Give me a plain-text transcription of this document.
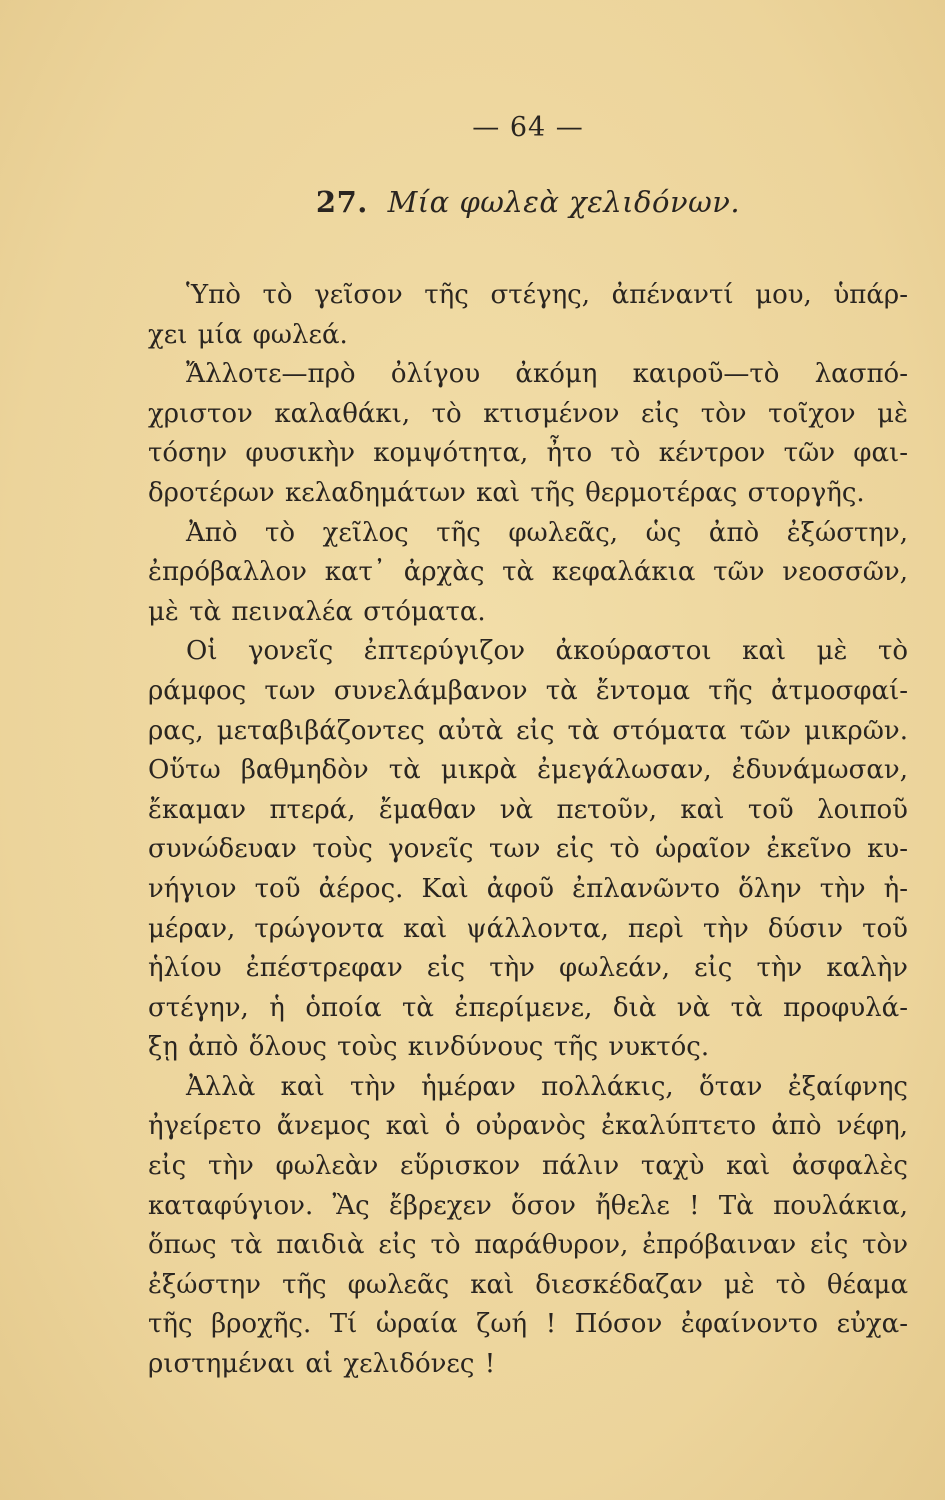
— 64 —
27. Μία φωλεὰ χελιδόνων.

Ὑπὸ τὸ γεῖσον τῆς στέγης, ἀπέναντί μου, ὑπάρ-
χει μία φωλεά.

Ἄλλοτε—πρὸ ὀλίγου ἀκόμη καιροῦ—τὸ λασπό-
χριστον καλαθάκι, τὸ κτισμένον εἰς τὸν τοῖχον μὲ
τόσην φυσικὴν κομψότητα, ἦτο τὸ κέντρον τῶν φαι-
δροτέρων κελαδημάτων καὶ τῆς θερμοτέρας στοργῆς.

Ἀπὸ τὸ χεῖλος τῆς φωλεᾶς, ὡς ἀπὸ ἐξώστην,
ἐπρόβαλλον κατ᾽ ἀρχὰς τὰ κεφαλάκια τῶν νεοσσῶν,
μὲ τὰ πειναλέα στόματα.

Οἱ γονεῖς ἐπτερύγιζον ἀκούραστοι καὶ μὲ τὸ
ράμφος των συνελάμβανον τὰ ἔντομα τῆς ἀτμοσφαί-
ρας, μεταβιβάζοντες αὐτὰ εἰς τὰ στόματα τῶν μικρῶν.
Οὕτω βαθμηδὸν τὰ μικρὰ ἐμεγάλωσαν, ἐδυνάμωσαν,
ἔκαμαν πτερά, ἔμαθαν νὰ πετοῦν, καὶ τοῦ λοιποῦ
συνώδευαν τοὺς γονεῖς των εἰς τὸ ὡραῖον ἐκεῖνο κυ-
νήγιον τοῦ ἀέρος. Καὶ ἀφοῦ ἐπλανῶντο ὅλην τὴν ἡ-
μέραν, τρώγοντα καὶ ψάλλοντα, περὶ τὴν δύσιν τοῦ
ἡλίου ἐπέστρεφαν εἰς τὴν φωλεάν, εἰς τὴν καλὴν
στέγην, ἡ ὁποία τὰ ἐπερίμενε, διὰ νὰ τὰ προφυλά-
ξῃ ἀπὸ ὅλους τοὺς κινδύνους τῆς νυκτός.

Ἀλλὰ καὶ τὴν ἡμέραν πολλάκις, ὅταν ἐξαίφνης
ἠγείρετο ἄνεμος καὶ ὁ οὐρανὸς ἐκαλύπτετο ἀπὸ νέφη,
εἰς τὴν φωλεὰν εὕρισκον πάλιν ταχὺ καὶ ἀσφαλὲς
καταφύγιον. Ἂς ἔβρεχεν ὅσον ἤθελε ! Τὰ πουλάκια,
ὅπως τὰ παιδιὰ εἰς τὸ παράθυρον, ἐπρόβαιναν εἰς τὸν
ἐξώστην τῆς φωλεᾶς καὶ διεσκέδαζαν μὲ τὸ θέαμα
τῆς βροχῆς. Τί ὡραία ζωή ! Πόσον ἐφαίνοντο εὐχα-
ριστημέναι αἱ χελιδόνες !
